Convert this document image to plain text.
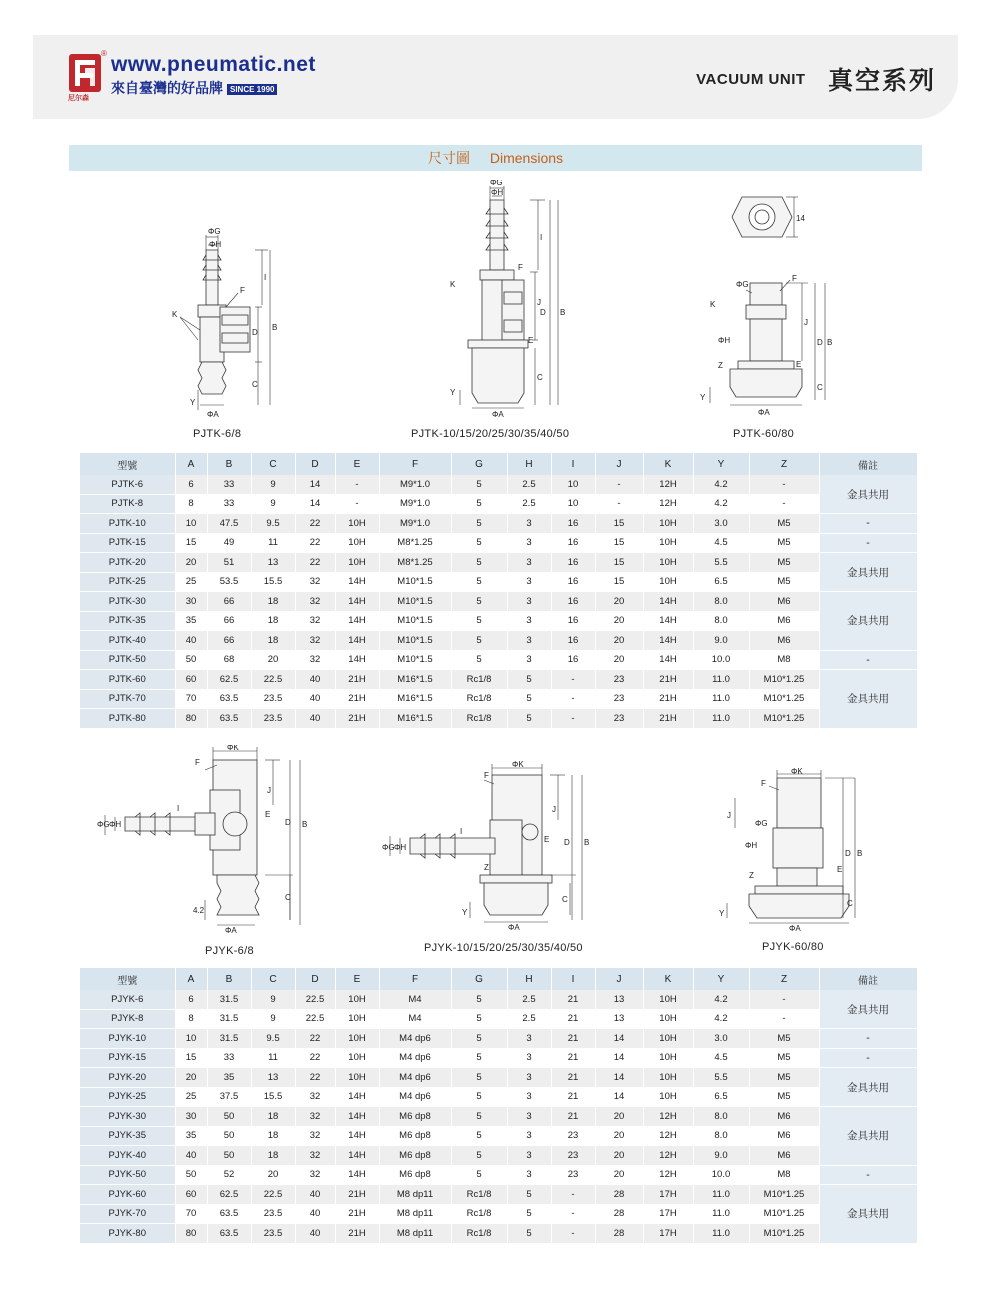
®
尼尔森
www.pneumatic.net
來自臺灣的好品牌 SINCE 1990
VACUUM UNIT 真空系列
尺寸圖 Dimensions
ΦG
ΦH
K
F
I
D
B
C
Y
ΦA
PJTK-6/8
ΦG
ΦH
K
F
I
J
D B
E
C
Y
ΦA
PJTK-10/15/20/25/30/35/40/50
14
ΦG
F
K
ΦH
Z
J
E
D B
C
Y
ΦA
PJTK-60/80
型號	A	B	C	D	E	F	G	H	I	J	K	Y	Z	備註
PJTK-6	6	33	9	14	-	M9*1.0	5	2.5	10	-	12H	4.2	-	金具共用
PJTK-8	8	33	9	14	-	M9*1.0	5	2.5	10	-	12H	4.2	-	
PJTK-10	10	47.5	9.5	22	10H	M9*1.0	5	3	16	15	10H	3.0	M5	-
PJTK-15	15	49	11	22	10H	M8*1.25	5	3	16	15	10H	4.5	M5	-
PJTK-20	20	51	13	22	10H	M8*1.25	5	3	16	15	10H	5.5	M5	金具共用
PJTK-25	25	53.5	15.5	32	14H	M10*1.5	5	3	16	15	10H	6.5	M5	
PJTK-30	30	66	18	32	14H	M10*1.5	5	3	16	20	14H	8.0	M6	金具共用
PJTK-35	35	66	18	32	14H	M10*1.5	5	3	16	20	14H	8.0	M6	
PJTK-40	40	66	18	32	14H	M10*1.5	5	3	16	20	14H	9.0	M6	
PJTK-50	50	68	20	32	14H	M10*1.5	5	3	16	20	14H	10.0	M8	-
PJTK-60	60	62.5	22.5	40	21H	M16*1.5	Rc1/8	5	-	23	21H	11.0	M10*1.25	金具共用
PJTK-70	70	63.5	23.5	40	21H	M16*1.5	Rc1/8	5	-	23	21H	11.0	M10*1.25	
PJTK-80	80	63.5	23.5	40	21H	M16*1.5	Rc1/8	5	-	23	21H	11.0	M10*1.25	
ΦK
F
I
J
E
D B
C
ΦG ΦH
4.2
ΦA
PJYK-6/8
ΦK
F
I
J
E D B
C
ΦG ΦH
Z
Y
ΦA
PJYK-10/15/20/25/30/35/40/50
ΦK
F
J
ΦG
ΦH
Z
E
D B
C
Y
ΦA
PJYK-60/80
型號	A	B	C	D	E	F	G	H	I	J	K	Y	Z	備註
PJYK-6	6	31.5	9	22.5	10H	M4	5	2.5	21	13	10H	4.2	-	金具共用
PJYK-8	8	31.5	9	22.5	10H	M4	5	2.5	21	13	10H	4.2	-	
PJYK-10	10	31.5	9.5	22	10H	M4 dp6	5	3	21	14	10H	3.0	M5	-
PJYK-15	15	33	11	22	10H	M4 dp6	5	3	21	14	10H	4.5	M5	-
PJYK-20	20	35	13	22	10H	M4 dp6	5	3	21	14	10H	5.5	M5	金具共用
PJYK-25	25	37.5	15.5	32	14H	M4 dp6	5	3	21	14	10H	6.5	M5	
PJYK-30	30	50	18	32	14H	M6 dp8	5	3	21	20	12H	8.0	M6	金具共用
PJYK-35	35	50	18	32	14H	M6 dp8	5	3	23	20	12H	8.0	M6	
PJYK-40	40	50	18	32	14H	M6 dp8	5	3	23	20	12H	9.0	M6	
PJYK-50	50	52	20	32	14H	M6 dp8	5	3	23	20	12H	10.0	M8	-
PJYK-60	60	62.5	22.5	40	21H	M8 dp11	Rc1/8	5	-	28	17H	11.0	M10*1.25	金具共用
PJYK-70	70	63.5	23.5	40	21H	M8 dp11	Rc1/8	5	-	28	17H	11.0	M10*1.25	
PJYK-80	80	63.5	23.5	40	21H	M8 dp11	Rc1/8	5	-	28	17H	11.0	M10*1.25	
